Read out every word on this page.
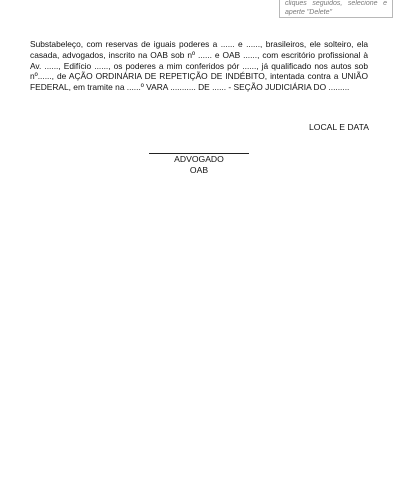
cliques seguidos, selecione e
aperte "Delete"

Substabeleço, com reservas de iguais poderes a ...... e ......, brasileiros, ele solteiro, ela casada, advogados, inscrito na OAB sob nº ...... e OAB ......, com escritório profissional à Av. ......, Edifício ......, os poderes a mim conferidos pór ......, já qualificado nos autos sob nº......, de AÇÃO ORDINÁRIA DE REPETIÇÃO DE INDÉBITO, intentada contra a UNIÃO FEDERAL, em tramite na ......º VARA ........... DE ...... - SEÇÃO JUDICIÁRIA DO .........

LOCAL E DATA

ADVOGADO
OAB
